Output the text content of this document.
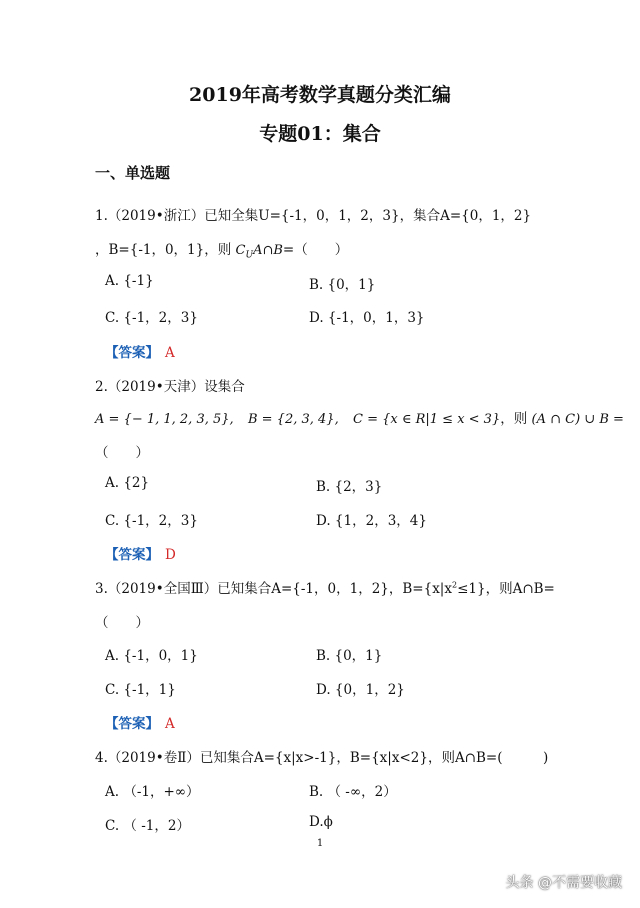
2019年高考数学真题分类汇编
专题01：集合
一、单选题
1.（2019•浙江）已知全集U={-1，0，1，2，3}，集合A={0，1，2}
，B={-1，0，1}，则 $C_UA\cap B=$（　　）
A. {-1}	B. {0，1}
C. {-1，2，3}	D. {-1，0，1，3}
【答案】 A
2.（2019•天津）设集合
A = {− 1, 1, 2, 3, 5}, B = {2, 3, 4}, C = {x ∈ R|1 ≤ x < 3}，则 (A ∩ C) ∪ B =
（　　）
A. {2}	B. {2，3}
C. {-1，2，3}	D. {1，2，3，4}
【答案】 D
3.（2019•全国Ⅲ）已知集合A={-1，0，1，2}，$B=\{x|x^2\le 1\}$，则A∩B=
（　　）
A. {-1，0，1}	B. {0，1}
C. {-1，1}	D. {0，1，2}
【答案】 A
4.（2019•卷Ⅱ）已知集合A={x|x>-1}，B={x|x<2}，则A∩B=(　　　)
A. （-1，+∞）	B. （ -∞，2）
C. （ -1，2）	D.ϕ
1
头条 @不需要收藏
